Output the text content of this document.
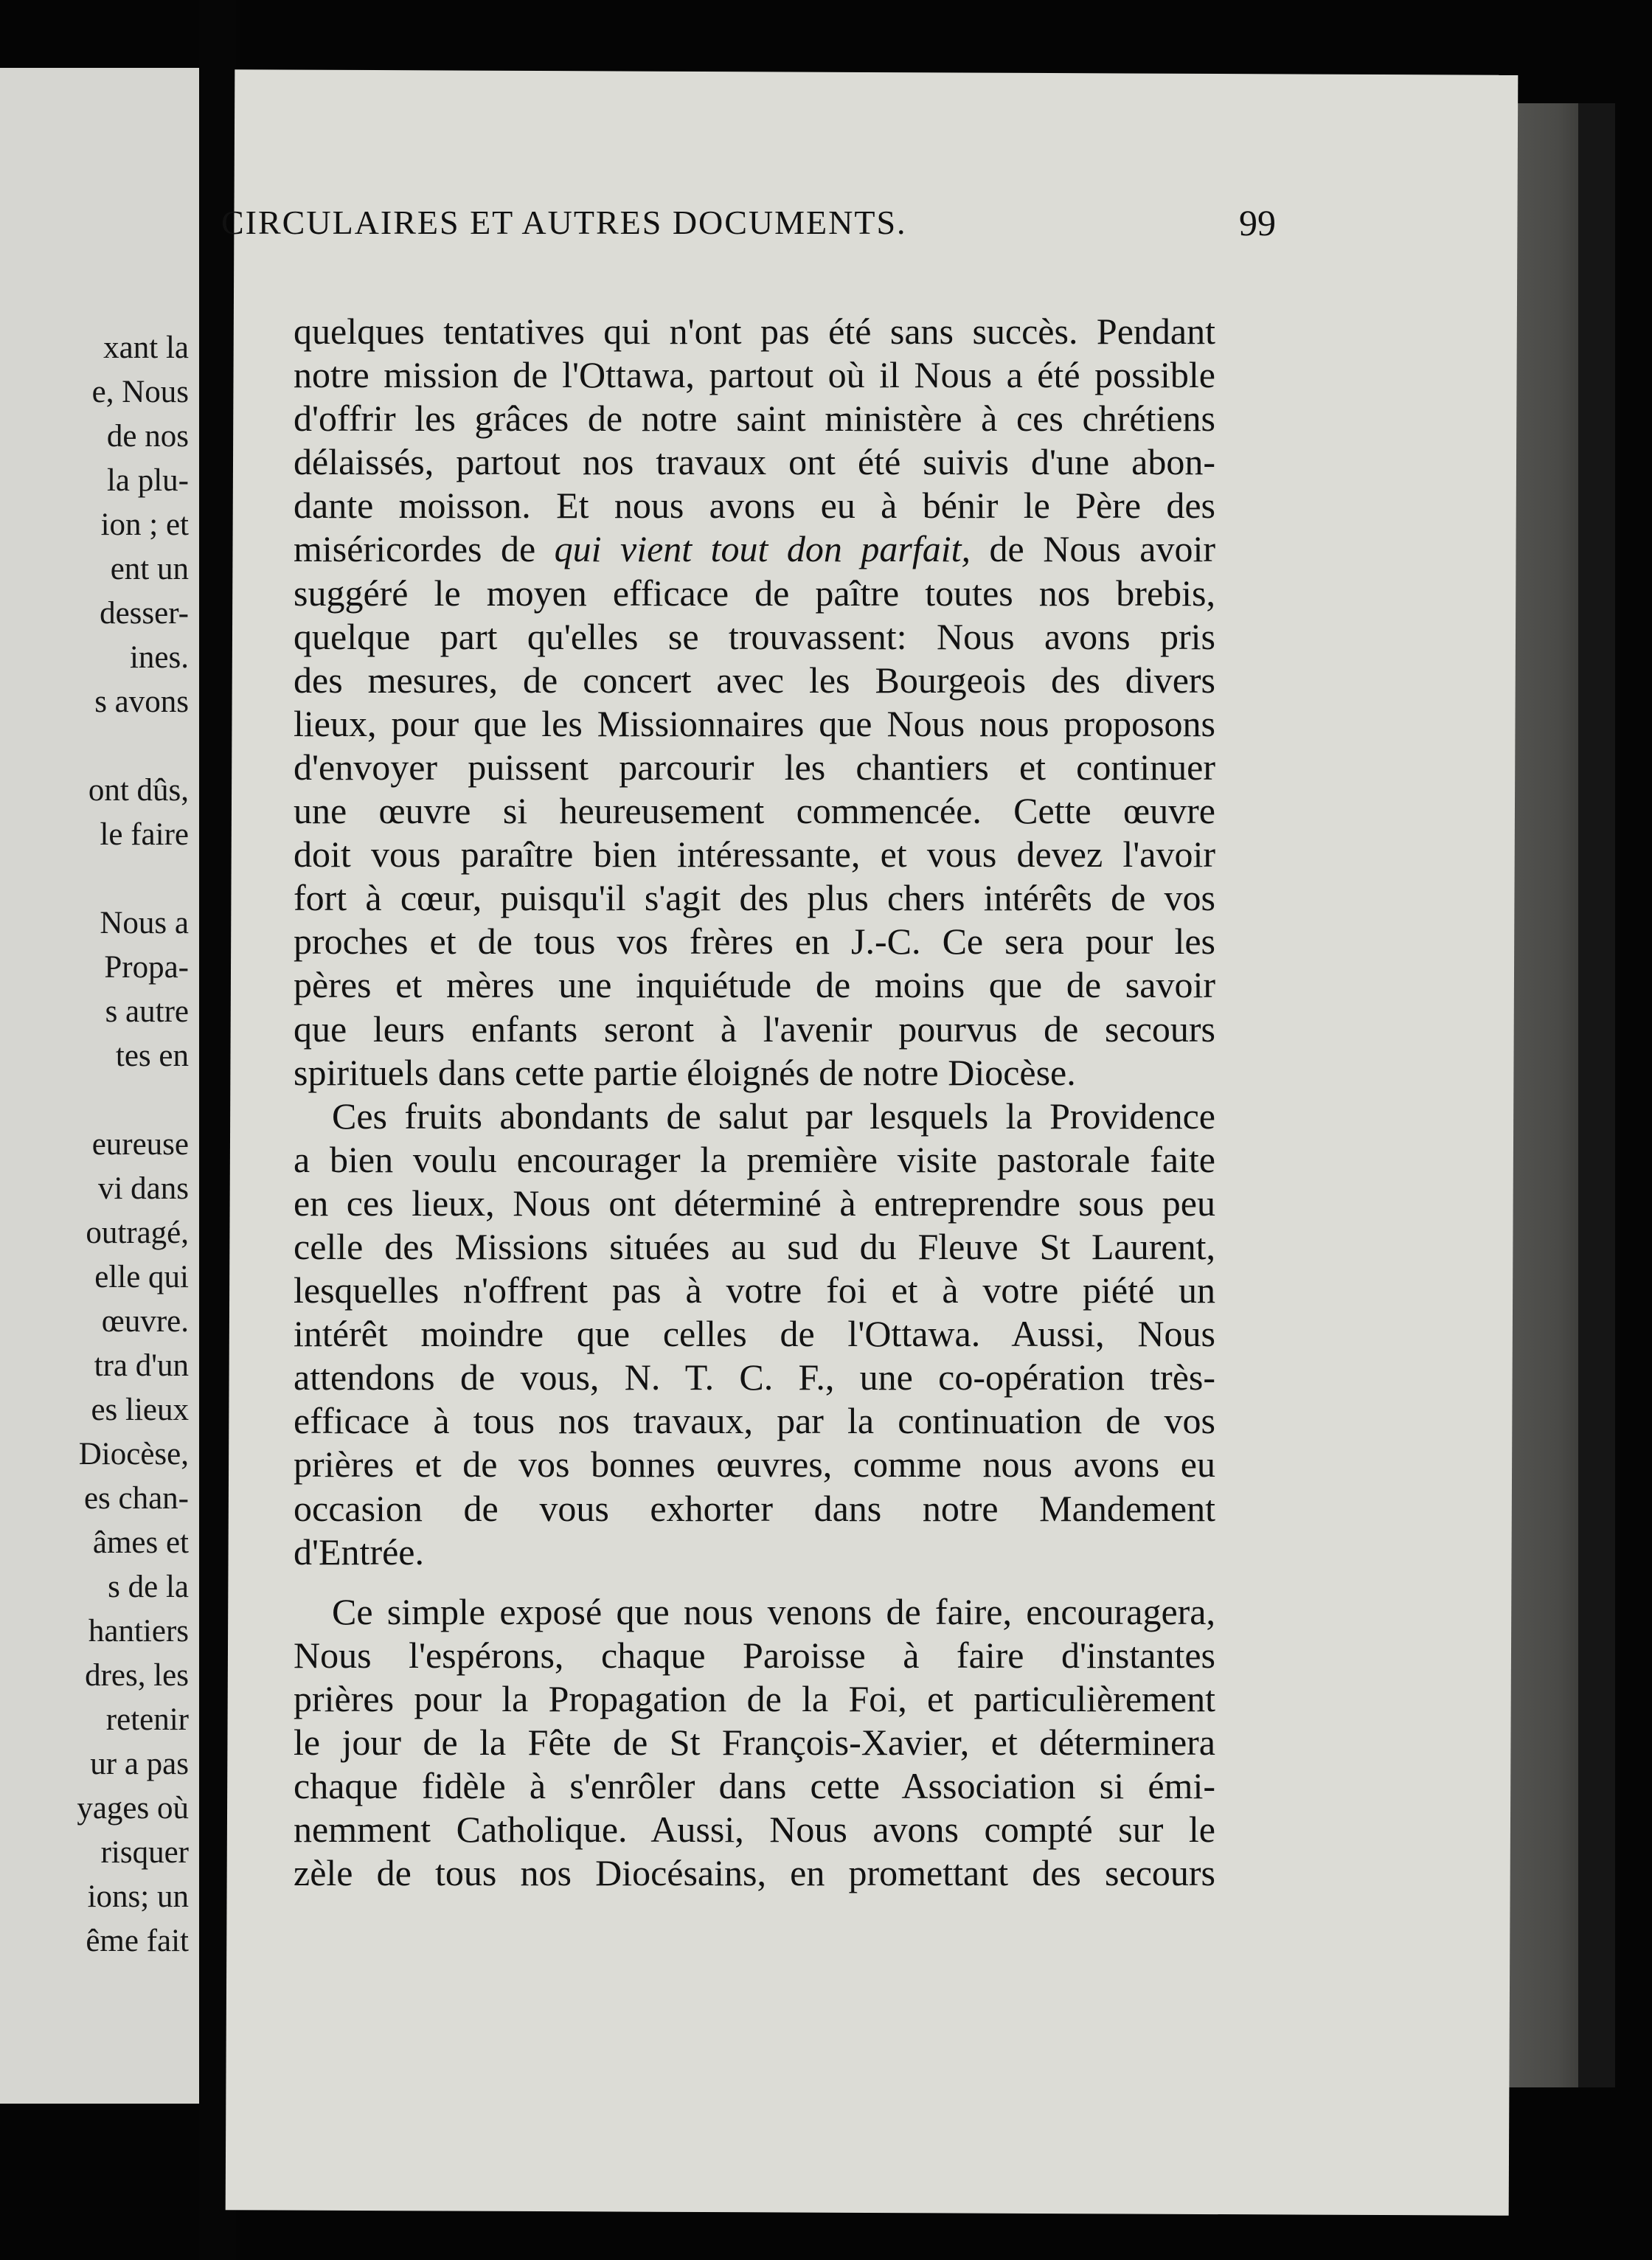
xant la
e, Nous
de nos
la plu-
ion ; et
ent un
desser-
ines.
s avons
ont dûs,
le faire
Nous a
Propa-
s autre
tes en
eureuse
vi dans
outragé,
elle qui
œuvre.
tra d'un
es lieux
Diocèse,
es chan-
âmes et
s de la
hantiers
dres, les
retenir
ur a pas
yages où
risquer
ions; un
ême fait
CIRCULAIRES ET AUTRES DOCUMENTS.	99
quelques tentatives qui n'ont pas été sans succès. Pendant
notre mission de l'Ottawa, partout où il Nous a été possible
d'offrir les grâces de notre saint ministère à ces chrétiens
délaissés, partout nos travaux ont été suivis d'une abon-
dante moisson. Et nous avons eu à bénir le Père des
miséricordes de qui vient tout don parfait, de Nous avoir
suggéré le moyen efficace de paître toutes nos brebis,
quelque part qu'elles se trouvassent: Nous avons pris
des mesures, de concert avec les Bourgeois des divers
lieux, pour que les Missionnaires que Nous nous proposons
d'envoyer puissent parcourir les chantiers et continuer
une œuvre si heureusement commencée. Cette œuvre
doit vous paraître bien intéressante, et vous devez l'avoir
fort à cœur, puisqu'il s'agit des plus chers intérêts de vos
proches et de tous vos frères en J.-C. Ce sera pour les
pères et mères une inquiétude de moins que de savoir
que leurs enfants seront à l'avenir pourvus de secours
spirituels dans cette partie éloignés de notre Diocèse.
Ces fruits abondants de salut par lesquels la Providence
a bien voulu encourager la première visite pastorale faite
en ces lieux, Nous ont déterminé à entreprendre sous peu
celle des Missions situées au sud du Fleuve St Laurent,
lesquelles n'offrent pas à votre foi et à votre piété un
intérêt moindre que celles de l'Ottawa. Aussi, Nous
attendons de vous, N. T. C. F., une co-opération très-
efficace à tous nos travaux, par la continuation de vos
prières et de vos bonnes œuvres, comme nous avons eu
occasion de vous exhorter dans notre Mandement
d'Entrée.
Ce simple exposé que nous venons de faire, encouragera,
Nous l'espérons, chaque Paroisse à faire d'instantes
prières pour la Propagation de la Foi, et particulièrement
le jour de la Fête de St François-Xavier, et déterminera
chaque fidèle à s'enrôler dans cette Association si émi-
nemment Catholique. Aussi, Nous avons compté sur le
zèle de tous nos Diocésains, en promettant des secours
